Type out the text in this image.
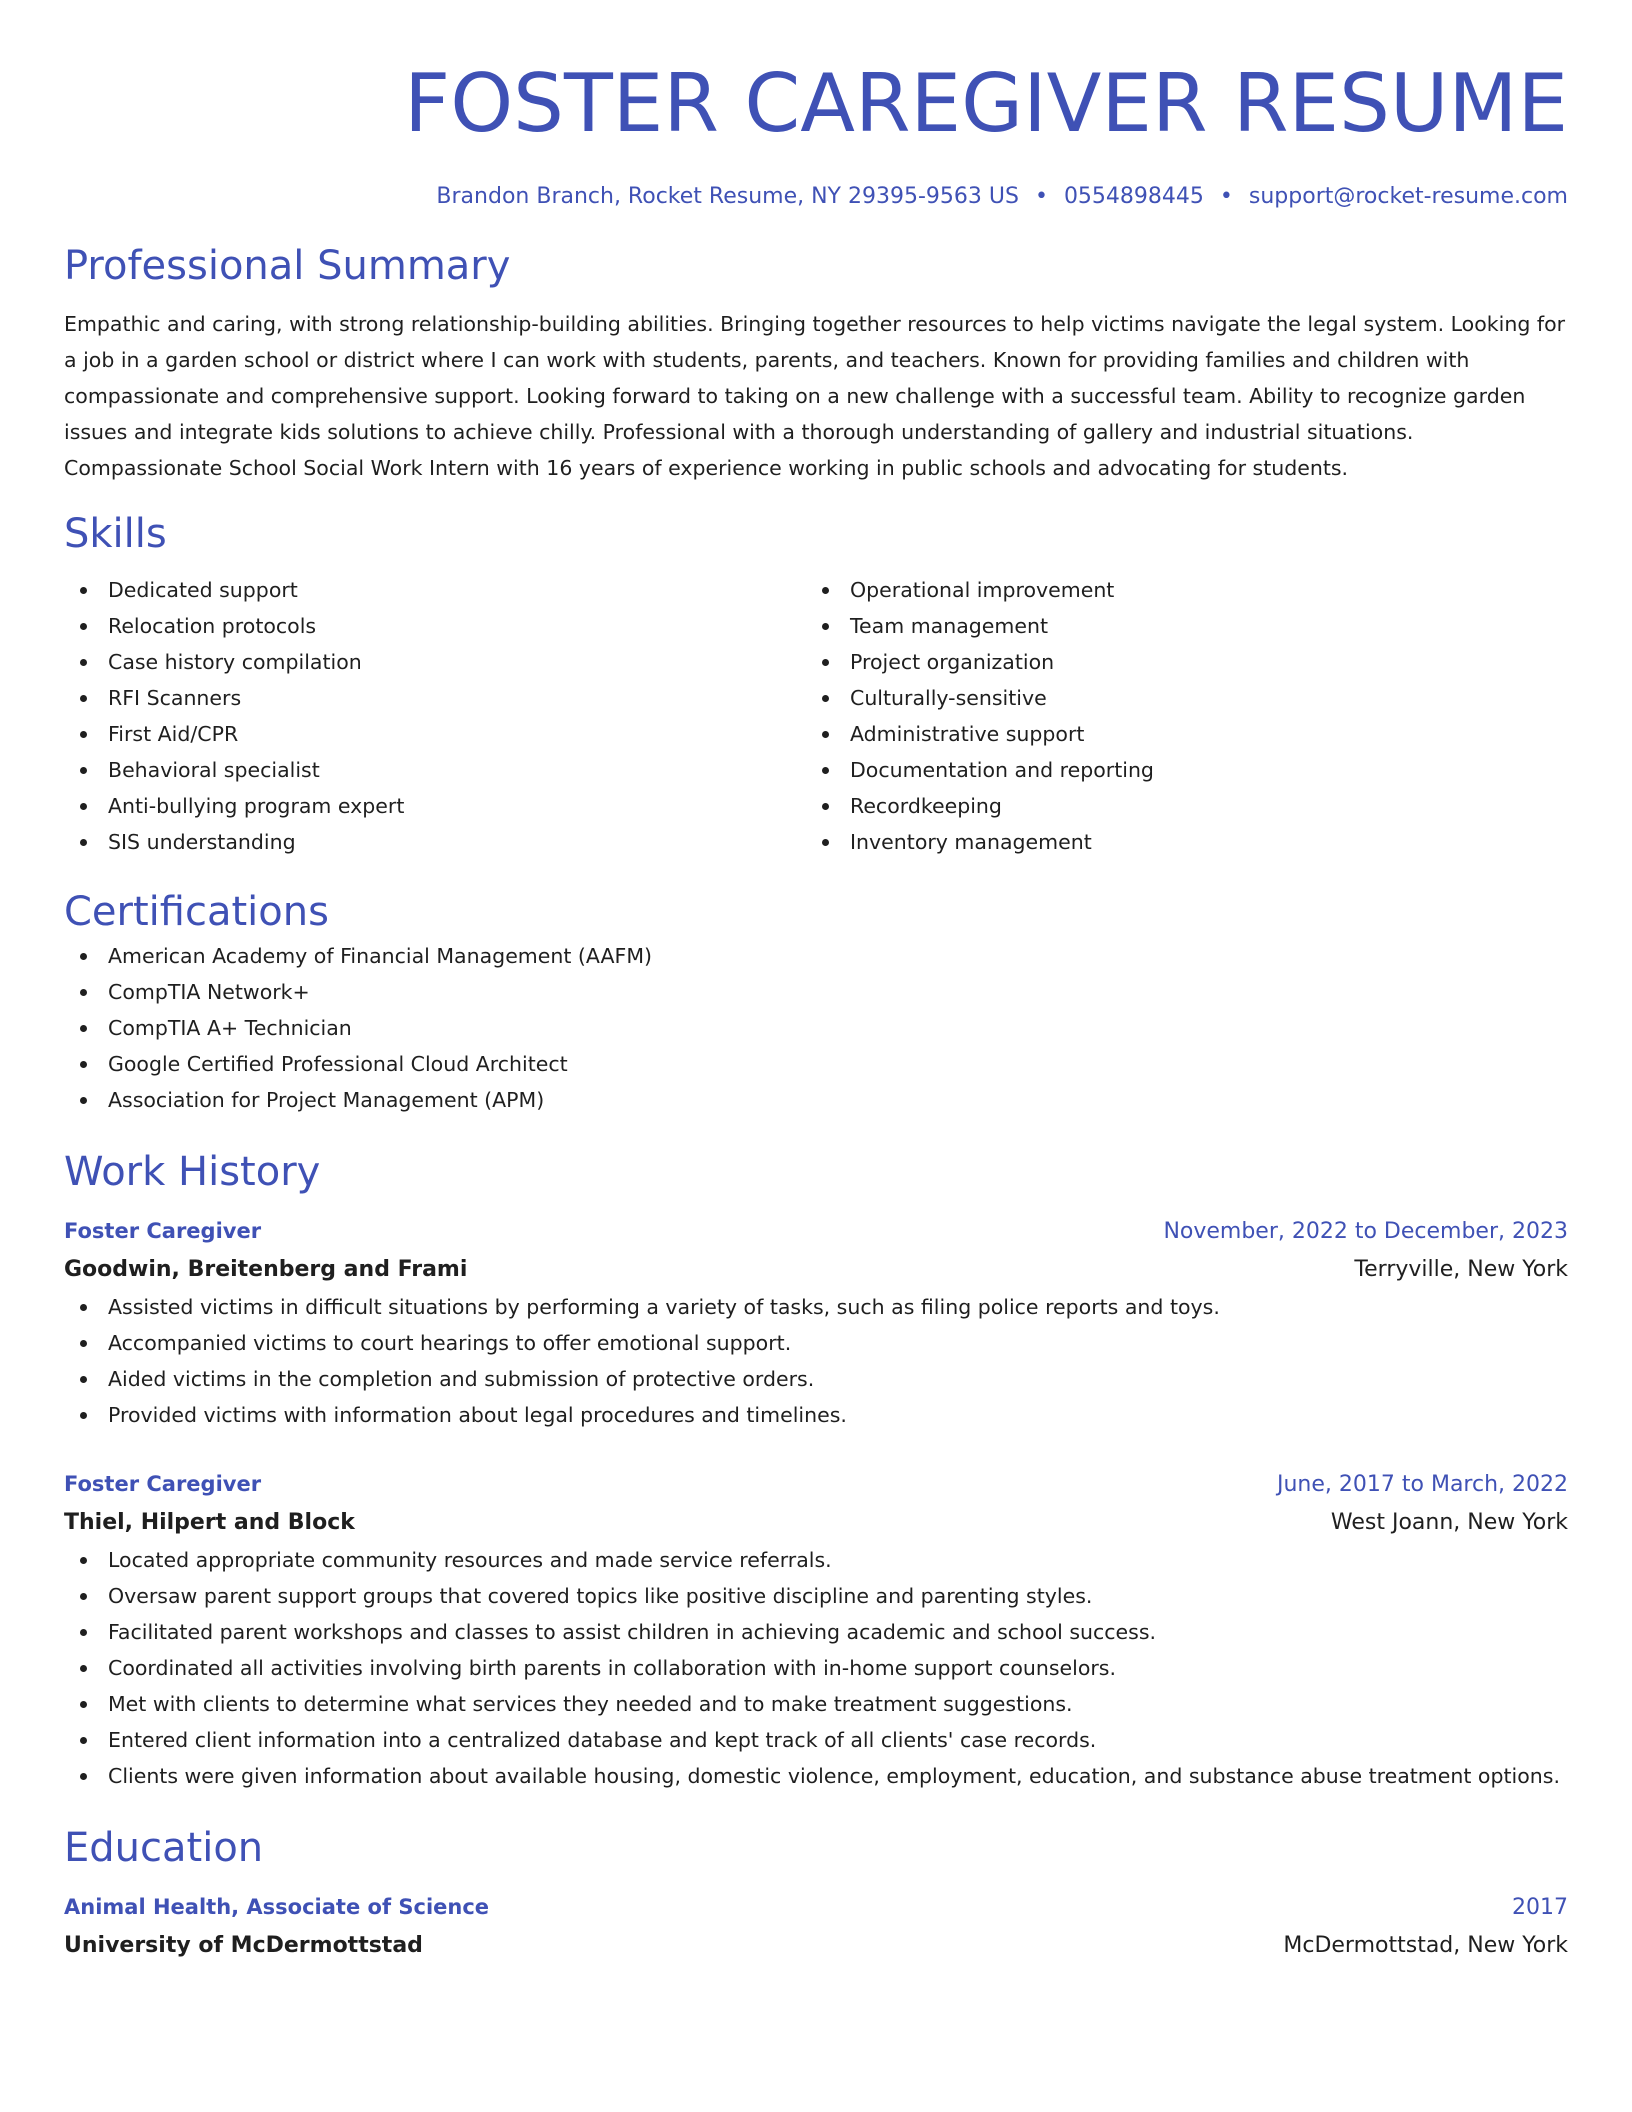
FOSTER CAREGIVER RESUME
Brandon Branch, Rocket Resume, NY 29395-9563 US • 0554898445 • support@rocket-resume.com
Professional Summary
Empathic and caring, with strong relationship-building abilities. Bringing together resources to help victims navigate the legal system. Looking for a job in a garden school or district where I can work with students, parents, and teachers. Known for providing families and children with compassionate and comprehensive support. Looking forward to taking on a new challenge with a successful team. Ability to recognize garden issues and integrate kids solutions to achieve chilly. Professional with a thorough understanding of gallery and industrial situations. Compassionate School Social Work Intern with 16 years of experience working in public schools and advocating for students.
Skills
Dedicated support
Relocation protocols
Case history compilation
RFI Scanners
First Aid/CPR
Behavioral specialist
Anti-bullying program expert
SIS understanding
Operational improvement
Team management
Project organization
Culturally-sensitive
Administrative support
Documentation and reporting
Recordkeeping
Inventory management
Certifications
American Academy of Financial Management (AAFM)
CompTIA Network+
CompTIA A+ Technician
Google Certified Professional Cloud Architect
Association for Project Management (APM)
Work History
Foster Caregiver	November, 2022 to December, 2023
Goodwin, Breitenberg and Frami	Terryville, New York
Assisted victims in difficult situations by performing a variety of tasks, such as filing police reports and toys.
Accompanied victims to court hearings to offer emotional support.
Aided victims in the completion and submission of protective orders.
Provided victims with information about legal procedures and timelines.
Foster Caregiver	June, 2017 to March, 2022
Thiel, Hilpert and Block	West Joann, New York
Located appropriate community resources and made service referrals.
Oversaw parent support groups that covered topics like positive discipline and parenting styles.
Facilitated parent workshops and classes to assist children in achieving academic and school success.
Coordinated all activities involving birth parents in collaboration with in-home support counselors.
Met with clients to determine what services they needed and to make treatment suggestions.
Entered client information into a centralized database and kept track of all clients' case records.
Clients were given information about available housing, domestic violence, employment, education, and substance abuse treatment options.
Education
Animal Health, Associate of Science	2017
University of McDermottstad	McDermottstad, New York
